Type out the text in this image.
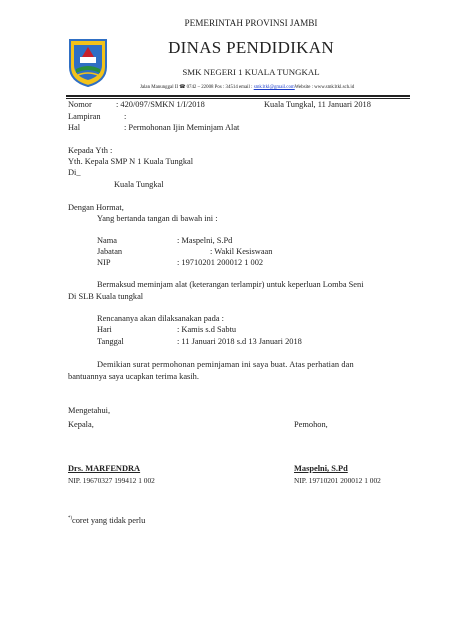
PEMERINTAH PROVINSI JAMBI
DINAS PENDIDIKAN
SMK NEGERI 1 KUALA TUNGKAL
Jalan Manunggal II ☎ 0742 – 22008 Pos : 34514 email : smk1tkl@gmail.comWebsite : www.smk1tkl.sch.id
Nomor	: 420/097/SMKN 1/I/2018	Kuala Tungkal, 11 Januari 2018
Lampiran	:
Hal	: Permohonan Ijin Meminjam Alat
Kepada Yth :
Yth. Kepala SMP N 1 Kuala Tungkal
Di_
Kuala Tungkal
Dengan Hormat,
Yang bertanda tangan di bawah ini :
Nama	: Maspelni, S.Pd
Jabatan	: Wakil Kesiswaan
NIP	: 19710201 200012 1 002
Bermaksud meminjam alat (keterangan terlampir) untuk keperluan Lomba Seni
Di SLB Kuala tungkal
Rencananya akan dilaksanakan pada :
Hari	: Kamis s.d Sabtu
Tanggal	: 11 Januari 2018 s.d 13 Januari 2018
Demikian surat permohonan peminjaman ini saya buat. Atas perhatian dan
bantuannya saya ucapkan terima kasih.
Mengetahui,
Kepala,	Pemohon,
Drs. MARFENDRA
NIP. 19670327 199412 1 002
Maspelni, S.Pd
NIP. 19710201 200012 1 002
*)coret yang tidak perlu
